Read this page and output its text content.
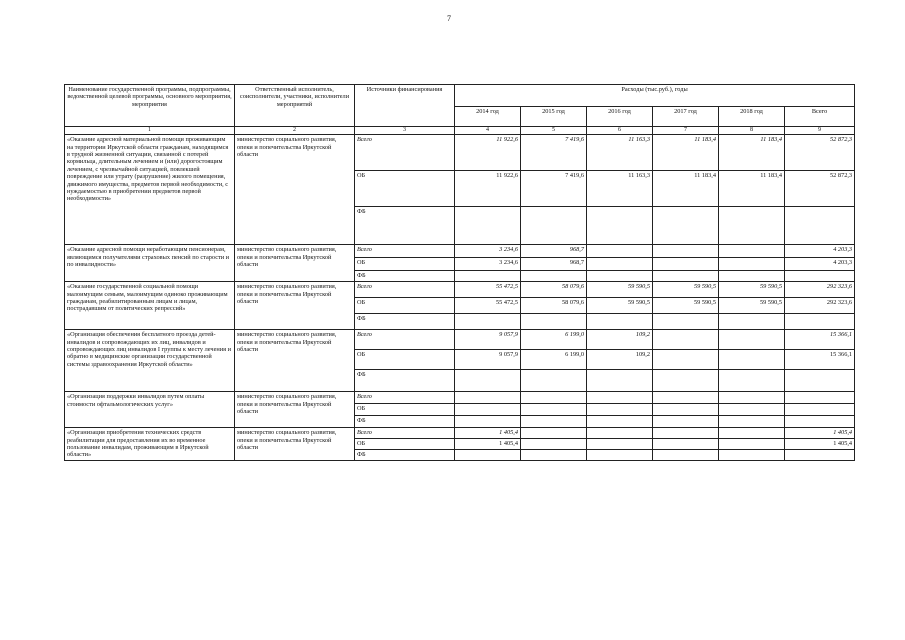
7
Наименование государственной программы, подпрограммы, ведомственной целевой программы, основного мероприятия, мероприятия	Ответственный исполнитель, соисполнители, участники, исполнители мероприятий	Источники финансирования	Расходы (тыс.руб.), годы					
			2014 год	2015 год	2016 год	2017 год	2018 год	Всего
1	2	3	4	5	6	7	8	9
«Оказание адресной материальной помощи проживающим на территории Иркутской области гражданам, находящимся в трудной жизненной ситуации, связанной с потерей кормильца, длительным лечением и (или) дорогостоящим лечением, с чрезвычайной ситуацией, повлекшей повреждение или утрату (разрушение) жилого помещения, движимого имущества, предметов первой необходимости, с нуждаемостью в приобретении предметов первой необходимости»	министерство социального развития, опеки и попечительства Иркутской области	Всего	11 922,6	7 419,6	11 163,3	11 183,4	11 183,4	52 872,3
		ОБ	11 922,6	7 419,6	11 163,3	11 183,4	11 183,4	52 872,3
		ФБ						
«Оказание адресной помощи неработающим пенсионерам, являющимся получателями страховых пенсий по старости и по инвалидности»	министерство социального развития, опеки и попечительства Иркутской области	Всего	3 234,6	968,7				4 203,3
		ОБ	3 234,6	968,7				4 203,3
		ФБ						
«Оказание государственной социальной помощи малоимущим семьям, малоимущим одиноко проживающим гражданам, реабилитированным лицам и лицам, пострадавшим от политических репрессий»	министерство социального развития, опеки и попечительства Иркутской области	Всего	55 472,5	58 079,6	59 590,5	59 590,5	59 590,5	292 323,6
		ОБ	55 472,5	58 079,6	59 590,5	59 590,5	59 590,5	292 323,6
		ФБ						
«Организация обеспечения бесплатного проезда детей-инвалидов и сопровождающих их лиц, инвалидов и сопровождающих лиц инвалидов I группы к месту лечения и обратно в медицинские организации государственной системы здравоохранения Иркутской области»	министерство социального развития, опеки и попечительства Иркутской области	Всего	9 057,9	6 199,0	109,2			15 366,1
		ОБ	9 057,9	6 199,0	109,2			15 366,1
		ФБ						
«Организация поддержки инвалидов путем оплаты стоимости офтальмологических услуг»	министерство социального развития, опеки и попечительства Иркутской области	Всего						
		ОБ						
		ФБ						
«Организация приобретения технических средств реабилитации для предоставления их во временное пользование инвалидам, проживающим в Иркутской области»	министерство социального развития, опеки и попечительства Иркутской области	Всего	1 405,4					1 405,4
		ОБ	1 405,4					1 405,4
		ФБ						
